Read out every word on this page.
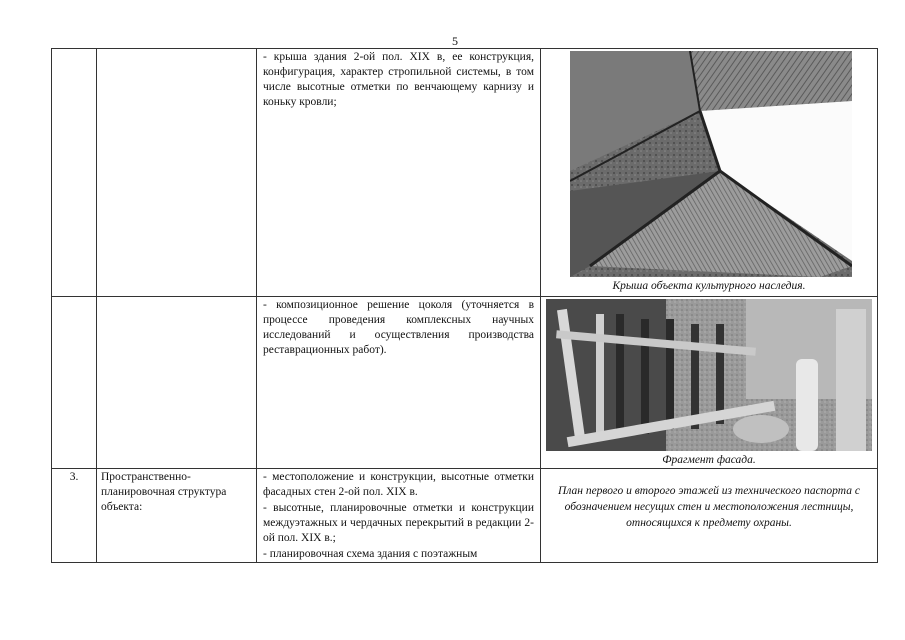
5

		- крыша здания 2-ой пол. XIX в, ее конструкция, конфигурация, характер стропильной системы, в том числе высотные отметки по венчающему карнизу и коньку кровли;	Крыша объекта культурного наследия.

		- композиционное решение цоколя (уточняется в процессе проведения комплексных научных исследований и осуществления производства реставрационных работ).	Фрагмент фасада.

3.	Пространственно-планировочная структура объекта:	- местоположение и конструкции, высотные отметки фасадных стен 2-ой пол. XIX в.
- высотные, планировочные отметки и конструкции междуэтажных и чердачных перекрытий в редакции 2-ой пол. XIX в.;
- планировочная схема здания с поэтажным	План первого и второго этажей из технического паспорта с обозначением несущих стен и местоположения лестницы, относящихся к предмету охраны.
